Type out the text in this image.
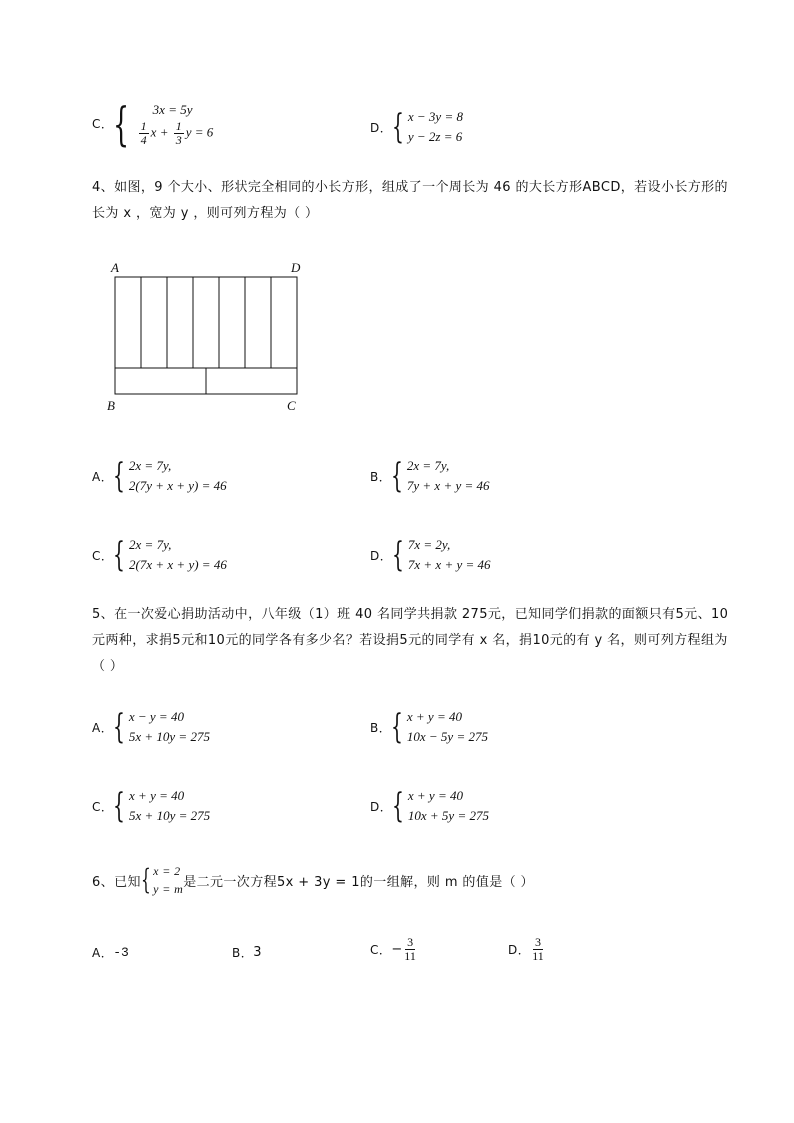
C． {	3x = 5y
$\frac{1}{4}$ $x + \frac{1}{3}$ y = 6	D． { x − 3y = 8
y − 2z = 6
4、如图，9 个大小、形状完全相同的小长方形，组成了一个周长为 46 的大长方形ABCD，若设小长方形的长为 x ，宽为 y ，则可列方程为（ ）
A	D
B	C
A． { 2x = 7y,
2(7y + x + y) = 46
B． { 2x = 7y,
7y + x + y = 46
C． { 2x = 7y,
2(7x + x + y) = 46
D． { 7x = 2y,
7x + x + y = 46
5、在一次爱心捐助活动中，八年级（1）班 40 名同学共捐款 275元，已知同学们捐款的面额只有5元、10元两种，求捐5元和10元的同学各有多少名？若设捐5元的同学有 x 名，捐10元的有 y 名，则可列方程组为（ ）
A． { x − y = 40
5x + 10y = 275
B． { x + y = 40
10x − 5y = 275
C． { x + y = 40
5x + 10y = 275
D． { x + y = 40
10x + 5y = 275
6、已知 { x = 2
y = m 是二元一次方程5x + 3y = 1的一组解，则 m 的值是（ ）
A． -3	B． 3	C． − $\frac{3}{11}$	D． $\frac{3}{11}$
